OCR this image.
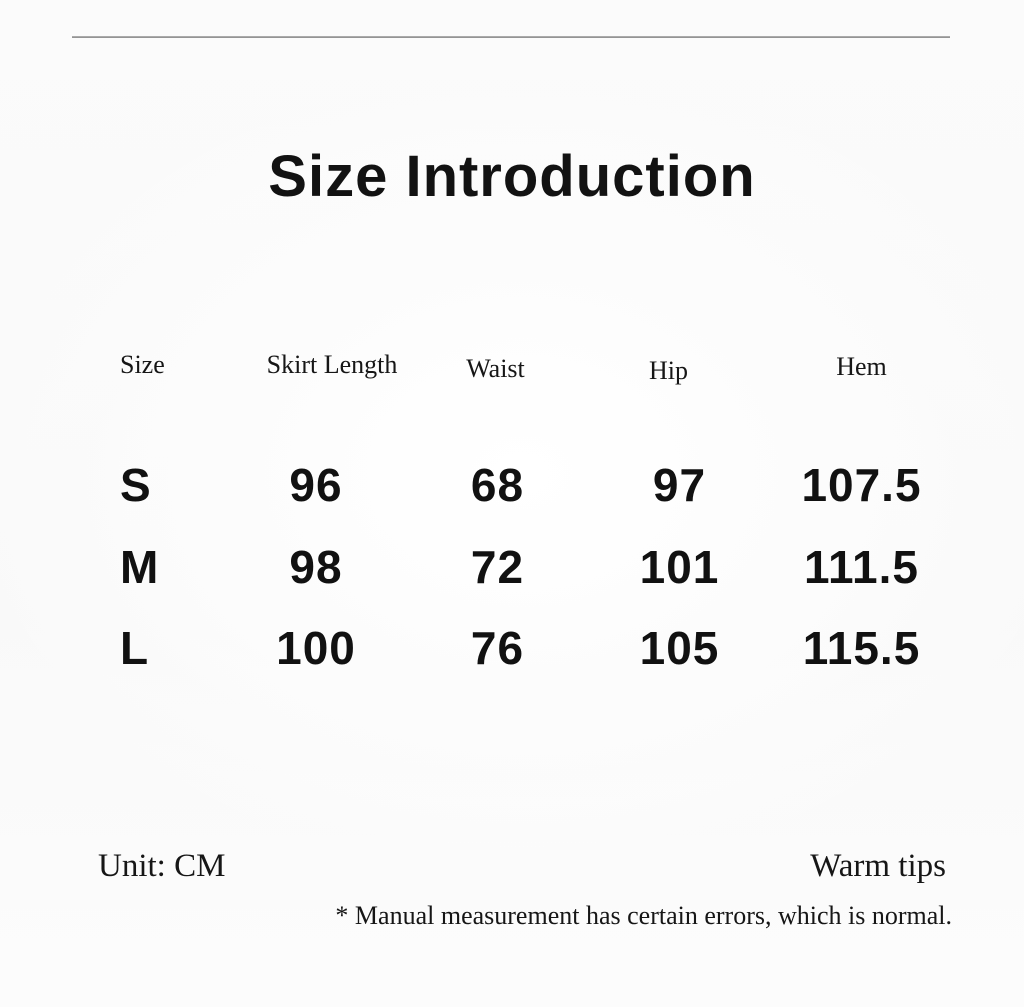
Size Introduction
Size	Skirt Length	Waist	Hip	Hem
S	96	68	97	107.5
M	98	72	101	111.5
L	100	76	105	115.5
Unit: CM	Warm tips
* Manual measurement has certain errors, which is normal.
